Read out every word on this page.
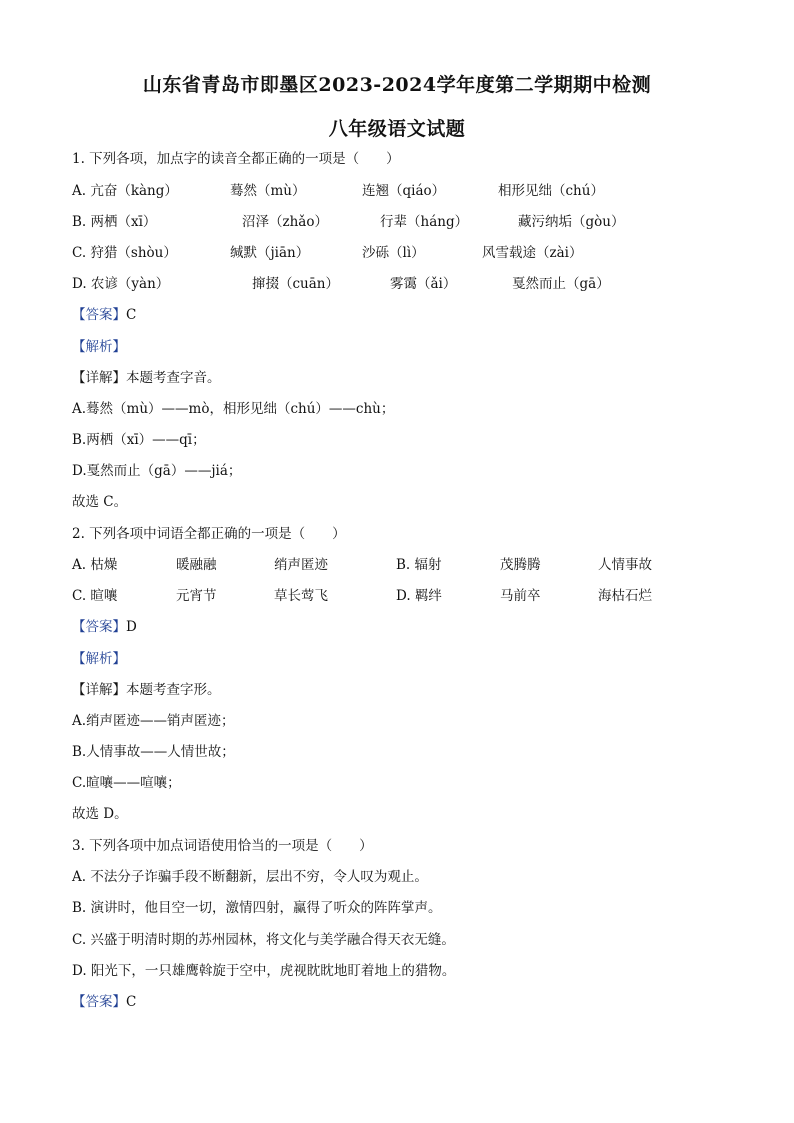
山东省青岛市即墨区2023-2024学年度第二学期期中检测
八年级语文试题
1. 下列各项，加点字的读音全都正确的一项是（　　）
A. 亢奋（kàng）	蓦然（mù）	连翘（qiáo）	相形见绌（chú）
B. 两栖（xī）	沼泽（zhǎo）	行辈（háng）	藏污纳垢（gòu）
C. 狩猎（shòu）	缄默（jiān）	沙砾（lì）	风雪载途（zài）
D. 农谚（yàn）	撺掇（cuān）	雾霭（ǎi）	戛然而止（gā）
【答案】C
【解析】
【详解】本题考查字音。
A.蓦然（mù）——mò，相形见绌（chú）——chù；
B.两栖（xī）——qī；
D.戛然而止（gā）——jiá；
故选 C。
2. 下列各项中词语全都正确的一项是（　　）
A. 枯燥	暖融融	绡声匿迹	B. 辐射	茂腾腾	人情事故
C. 暄嚷	元宵节	草长莺飞	D. 羁绊	马前卒	海枯石烂
【答案】D
【解析】
【详解】本题考查字形。
A.绡声匿迹——销声匿迹；
B.人情事故——人情世故；
C.暄嚷——喧嚷；
故选 D。
3. 下列各项中加点词语使用恰当的一项是（　　）
A. 不法分子诈骗手段不断翻新，层出不穷，令人叹为观止。
B. 演讲时，他目空一切，激情四射，赢得了听众的阵阵掌声。
C. 兴盛于明清时期的苏州园林，将文化与美学融合得天衣无缝。
D. 阳光下，一只雄鹰斡旋于空中，虎视眈眈地盯着地上的猎物。
【答案】C
